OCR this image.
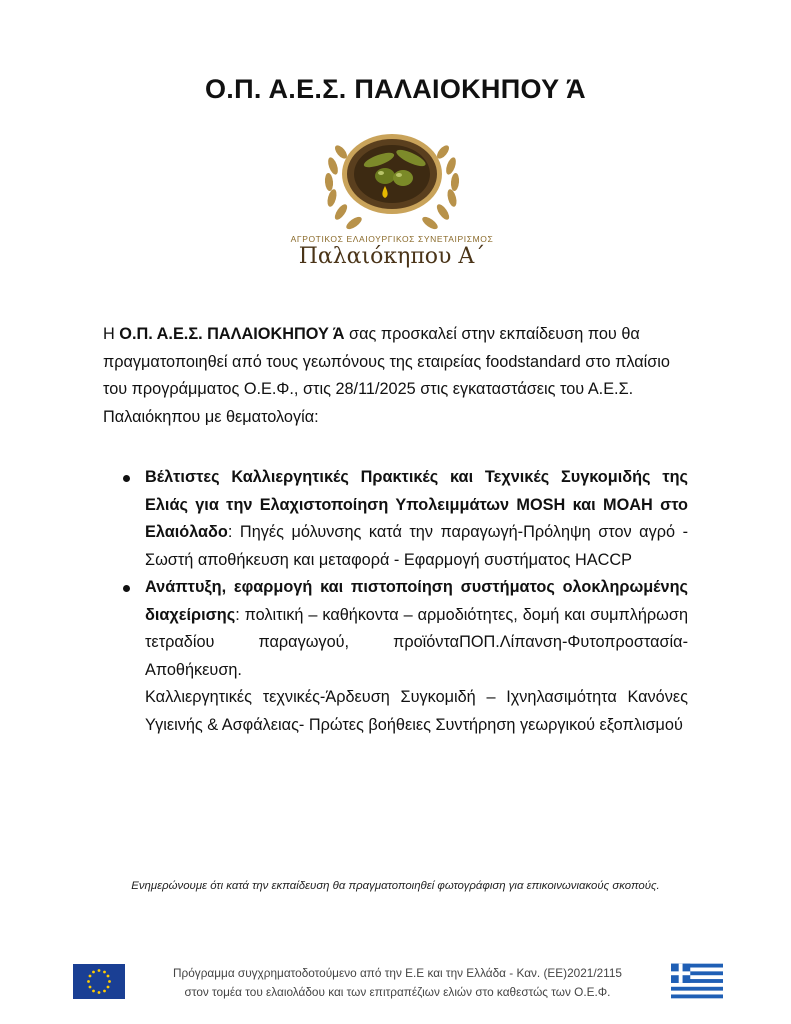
Ο.Π. Α.Ε.Σ. ΠΑΛΑΙΟΚΗΠΟΥ Ά
ΑΓΡΟΤΙΚΟΣ ΕΛΑΙΟΥΡΓΙΚΟΣ ΣΥΝΕΤΑΙΡΙΣΜΟΣ
Παλαιόκηπου Α΄

Η Ο.Π. Α.Ε.Σ. ΠΑΛΑΙΟΚΗΠΟΥ Ά σας προσκαλεί στην εκπαίδευση που θα πραγματοποιηθεί από τους γεωπόνους της εταιρείας foodstandard στο πλαίσιο του προγράμματος Ο.Ε.Φ., στις 28/11/2025 στις εγκαταστάσεις του Α.Ε.Σ. Παλαιόκηπου με θεματολογία:

Βέλτιστες Καλλιεργητικές Πρακτικές και Τεχνικές Συγκομιδής της Ελιάς για την Ελαχιστοποίηση Υπολειμμάτων MOSH και MOAH στο Ελαιόλαδο: Πηγές μόλυνσης κατά την παραγωγή-Πρόληψη στον αγρό - Σωστή αποθήκευση και μεταφορά - Εφαρμογή συστήματος HACCP
Ανάπτυξη, εφαρμογή και πιστοποίηση συστήματος ολοκληρωμένης διαχείρισης: πολιτική – καθήκοντα – αρμοδιότητες, δομή και συμπλήρωση τετραδίου παραγωγού, προϊόνταΠΟΠ.Λίπανση-Φυτοπροστασία-Αποθήκευση.
Καλλιεργητικές τεχνικές-Άρδευση Συγκομιδή – Ιχνηλασιμότητα Κανόνες Υγιεινής & Ασφάλειας- Πρώτες βοήθειες Συντήρηση γεωργικού εξοπλισμού

Ενημερώνουμε ότι κατά την εκπαίδευση θα πραγματοποιηθεί φωτογράφιση για επικοινωνιακούς σκοπούς.

Πρόγραμμα συγχρηματοδοτούμενο από την Ε.Ε και την Ελλάδα - Καν. (ΕΕ)2021/2115
στον τομέα του ελαιολάδου και των επιτραπέζιων ελιών στο καθεστώς των Ο.Ε.Φ.
